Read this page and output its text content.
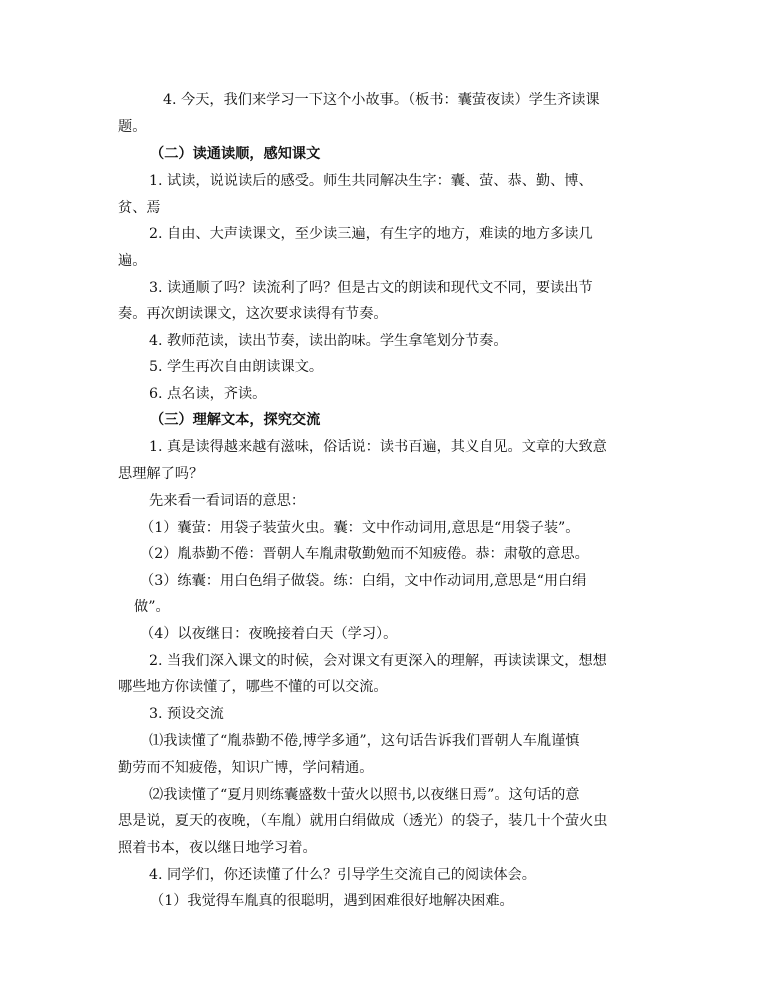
4. 今天，我们来学习一下这个小故事。（板书：囊萤夜读）学生齐读课
题。
（二）读通读顺，感知课文
1. 试读，说说读后的感受。师生共同解决生字：囊、萤、恭、勤、博、
贫、焉
2. 自由、大声读课文，至少读三遍，有生字的地方，难读的地方多读几
遍。
3. 读通顺了吗？读流利了吗？但是古文的朗读和现代文不同，要读出节
奏。再次朗读课文，这次要求读得有节奏。
4. 教师范读，读出节奏，读出韵味。学生拿笔划分节奏。
5. 学生再次自由朗读课文。
6. 点名读，齐读。
（三）理解文本，探究交流
1. 真是读得越来越有滋味，俗话说：读书百遍，其义自见。文章的大致意
思理解了吗？
先来看一看词语的意思：
（1）囊萤：用袋子装萤火虫。囊：文中作动词用,意思是“用袋子装”。
（2）胤恭勤不倦：晋朝人车胤肃敬勤勉而不知疲倦。恭：肃敬的意思。
（3）练囊：用白色绢子做袋。练：白绢，文中作动词用,意思是“用白绢
做”。
（4）以夜继日：夜晚接着白天（学习）。
2. 当我们深入课文的时候，会对课文有更深入的理解，再读读课文，想想
哪些地方你读懂了，哪些不懂的可以交流。
3. 预设交流
⑴我读懂了“胤恭勤不倦,博学多通”，这句话告诉我们晋朝人车胤谨慎
勤劳而不知疲倦，知识广博，学问精通。
⑵我读懂了“夏月则练囊盛数十萤火以照书,以夜继日焉”。这句话的意
思是说，夏天的夜晚，（车胤）就用白绢做成（透光）的袋子，装几十个萤火虫
照着书本，夜以继日地学习着。
4. 同学们，你还读懂了什么？引导学生交流自己的阅读体会。
（1）我觉得车胤真的很聪明，遇到困难很好地解决困难。
